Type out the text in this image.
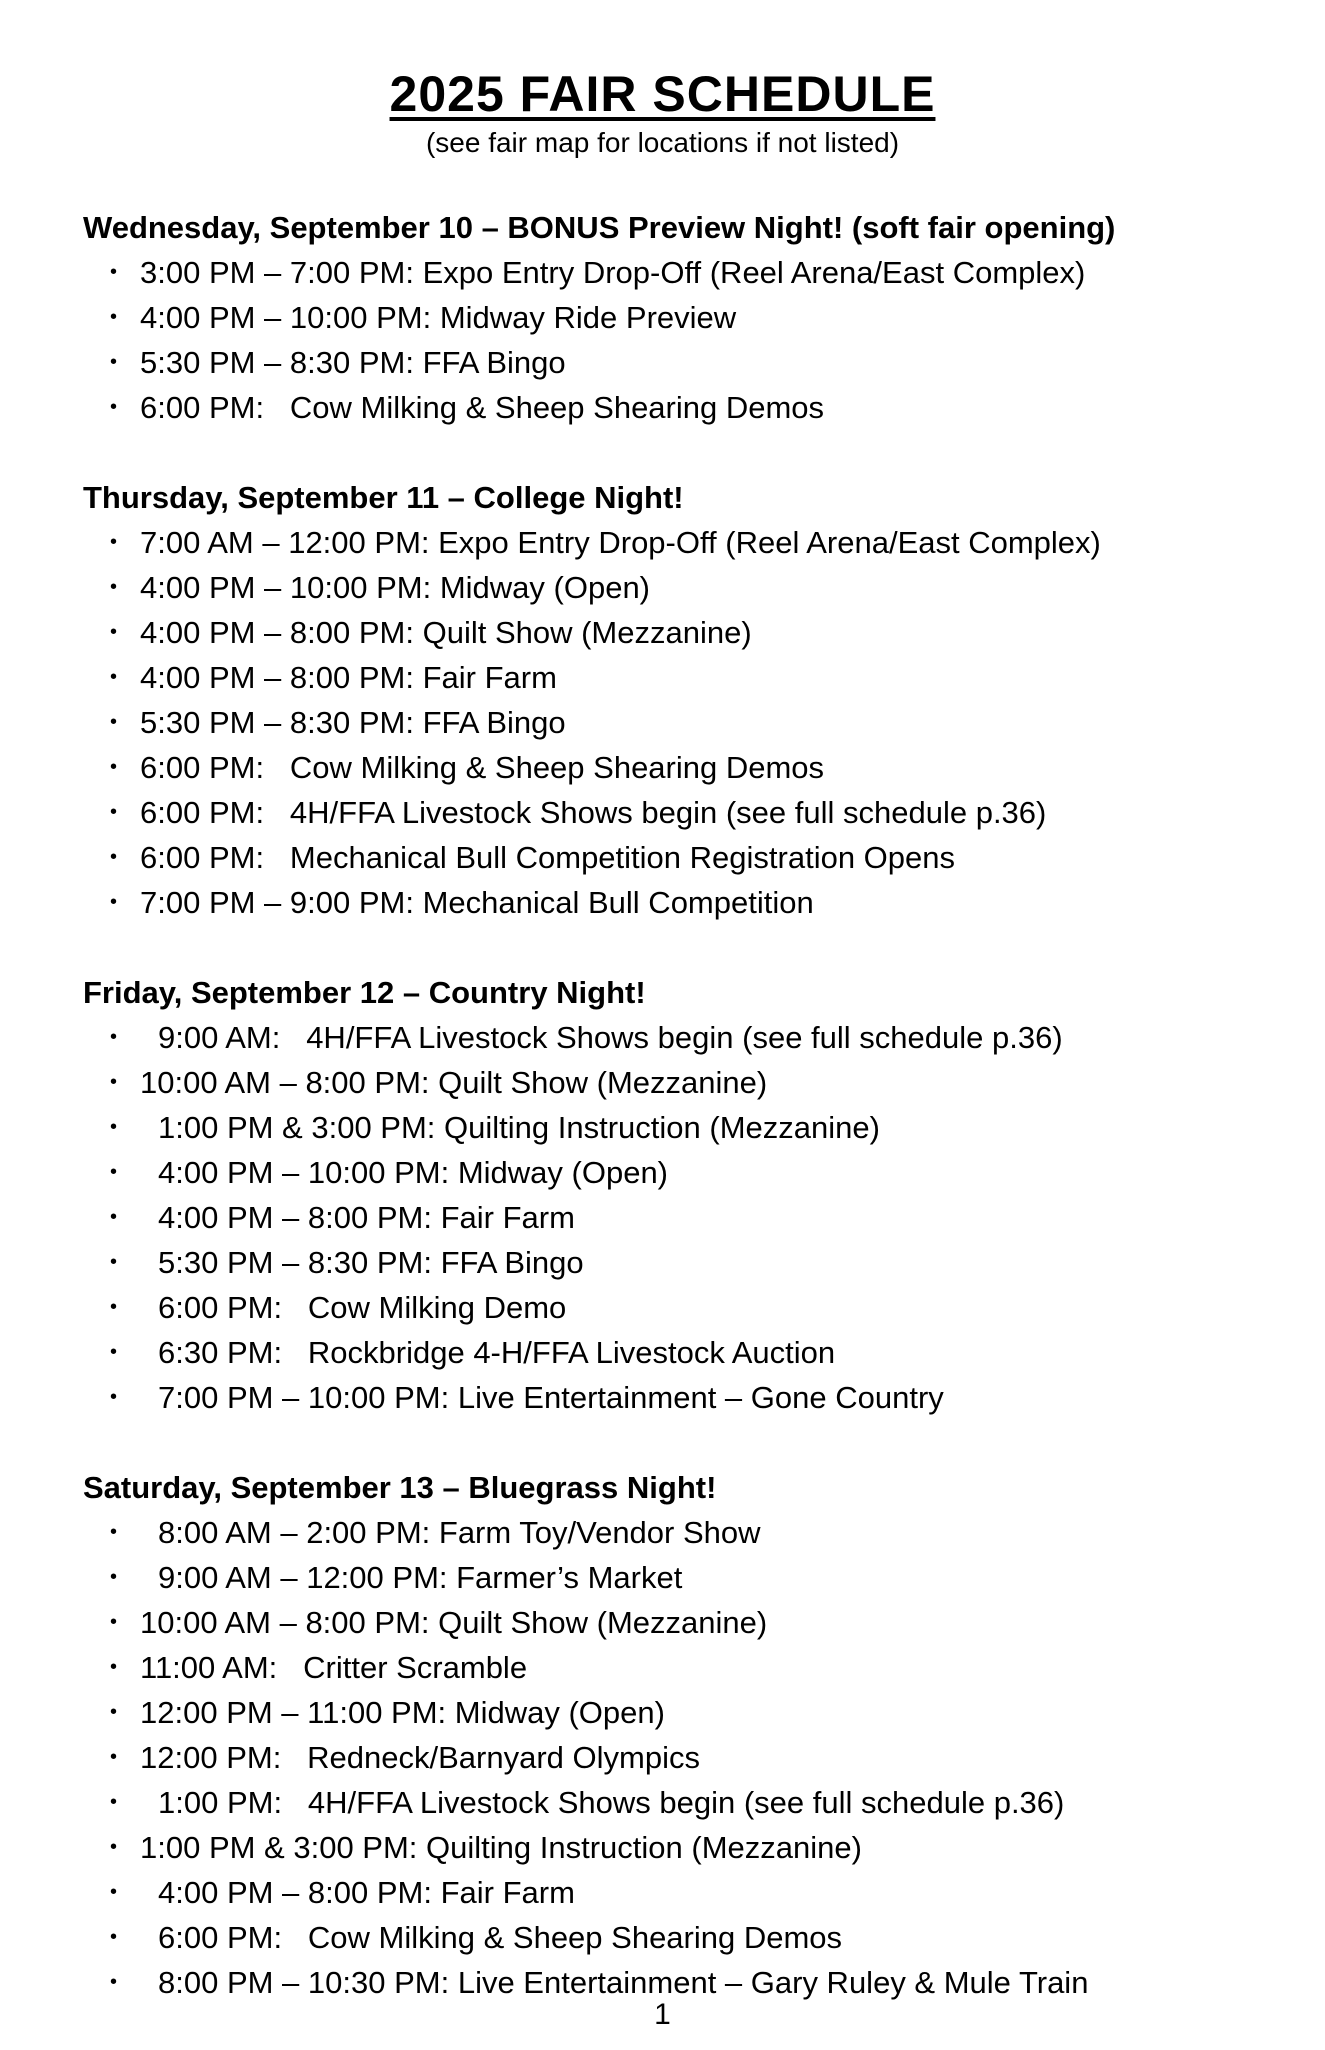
2025 FAIR SCHEDULE
(see fair map for locations if not listed)
Wednesday, September 10 – BONUS Preview Night! (soft fair opening)
• 3:00 PM – 7:00 PM: Expo Entry Drop-Off (Reel Arena/East Complex)
• 4:00 PM – 10:00 PM: Midway Ride Preview
• 5:30 PM – 8:30 PM: FFA Bingo
• 6:00 PM:   Cow Milking & Sheep Shearing Demos
Thursday, September 11 – College Night!
• 7:00 AM – 12:00 PM: Expo Entry Drop-Off (Reel Arena/East Complex)
• 4:00 PM – 10:00 PM: Midway (Open)
• 4:00 PM – 8:00 PM: Quilt Show (Mezzanine)
• 4:00 PM – 8:00 PM: Fair Farm
• 5:30 PM – 8:30 PM: FFA Bingo
• 6:00 PM:   Cow Milking & Sheep Shearing Demos
• 6:00 PM:   4H/FFA Livestock Shows begin (see full schedule p.36)
• 6:00 PM:   Mechanical Bull Competition Registration Opens
• 7:00 PM – 9:00 PM: Mechanical Bull Competition
Friday, September 12 – Country Night!
• 9:00 AM:   4H/FFA Livestock Shows begin (see full schedule p.36)
• 10:00 AM – 8:00 PM: Quilt Show (Mezzanine)
• 1:00 PM & 3:00 PM: Quilting Instruction (Mezzanine)
• 4:00 PM – 10:00 PM: Midway (Open)
• 4:00 PM – 8:00 PM: Fair Farm
• 5:30 PM – 8:30 PM: FFA Bingo
• 6:00 PM:   Cow Milking Demo
• 6:30 PM:   Rockbridge 4-H/FFA Livestock Auction
• 7:00 PM – 10:00 PM: Live Entertainment – Gone Country
Saturday, September 13 – Bluegrass Night!
• 8:00 AM – 2:00 PM: Farm Toy/Vendor Show
• 9:00 AM – 12:00 PM: Farmer’s Market
• 10:00 AM – 8:00 PM: Quilt Show (Mezzanine)
• 11:00 AM:   Critter Scramble
• 12:00 PM – 11:00 PM: Midway (Open)
• 12:00 PM:   Redneck/Barnyard Olympics
• 1:00 PM:   4H/FFA Livestock Shows begin (see full schedule p.36)
• 1:00 PM & 3:00 PM: Quilting Instruction (Mezzanine)
• 4:00 PM – 8:00 PM: Fair Farm
• 6:00 PM:   Cow Milking & Sheep Shearing Demos
• 8:00 PM – 10:30 PM: Live Entertainment – Gary Ruley & Mule Train
1
